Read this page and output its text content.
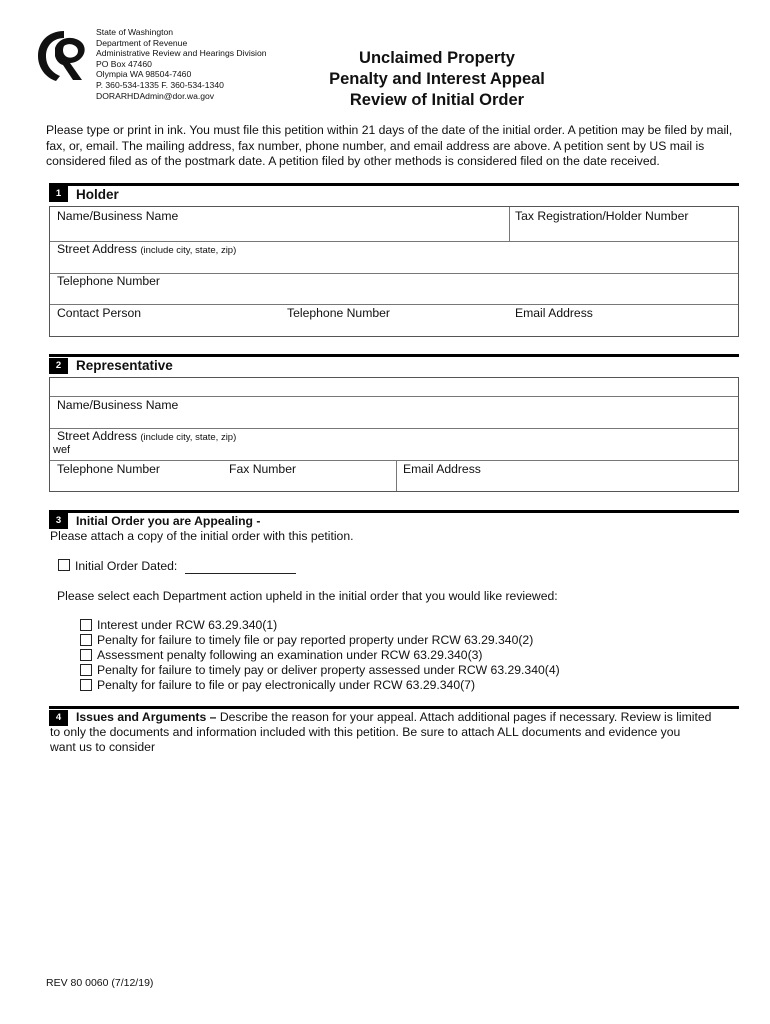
State of Washington
Department of Revenue
Administrative Review and Hearings Division
PO Box 47460
Olympia WA 98504-7460
P. 360-534-1335 F. 360-534-1340
DORARHDAdmin@dor.wa.gov
Unclaimed Property
Penalty and Interest Appeal
Review of Initial Order
Please type or print in ink. You must file this petition within 21 days of the date of the initial order. A petition may be filed by mail, fax, or, email. The mailing address, fax number, phone number, and email address are above. A petition sent by US mail is considered filed as of the postmark date. A petition filed by other methods is considered filed on the date received.
1	Holder
Name/Business Name	Tax Registration/Holder Number
Street Address (include city, state, zip)
Telephone Number
Contact Person	Telephone Number	Email Address
2	Representative
Name/Business Name
Street Address (include city, state, zip)
wef
Telephone Number	Fax Number	Email Address
3	Initial Order you are Appealing -
Please attach a copy of the initial order with this petition.
Initial Order Dated:
Please select each Department action upheld in the initial order that you would like reviewed:
Interest under RCW 63.29.340(1)
Penalty for failure to timely file or pay reported property under RCW 63.29.340(2)
Assessment penalty following an examination under RCW 63.29.340(3)
Penalty for failure to timely pay or deliver property assessed under RCW 63.29.340(4)
Penalty for failure to file or pay electronically under RCW 63.29.340(7)
4	Issues and Arguments – Describe the reason for your appeal. Attach additional pages if necessary. Review is limited
to only the documents and information included with this petition. Be sure to attach ALL documents and evidence you
want us to consider
REV 80 0060 (7/12/19)
